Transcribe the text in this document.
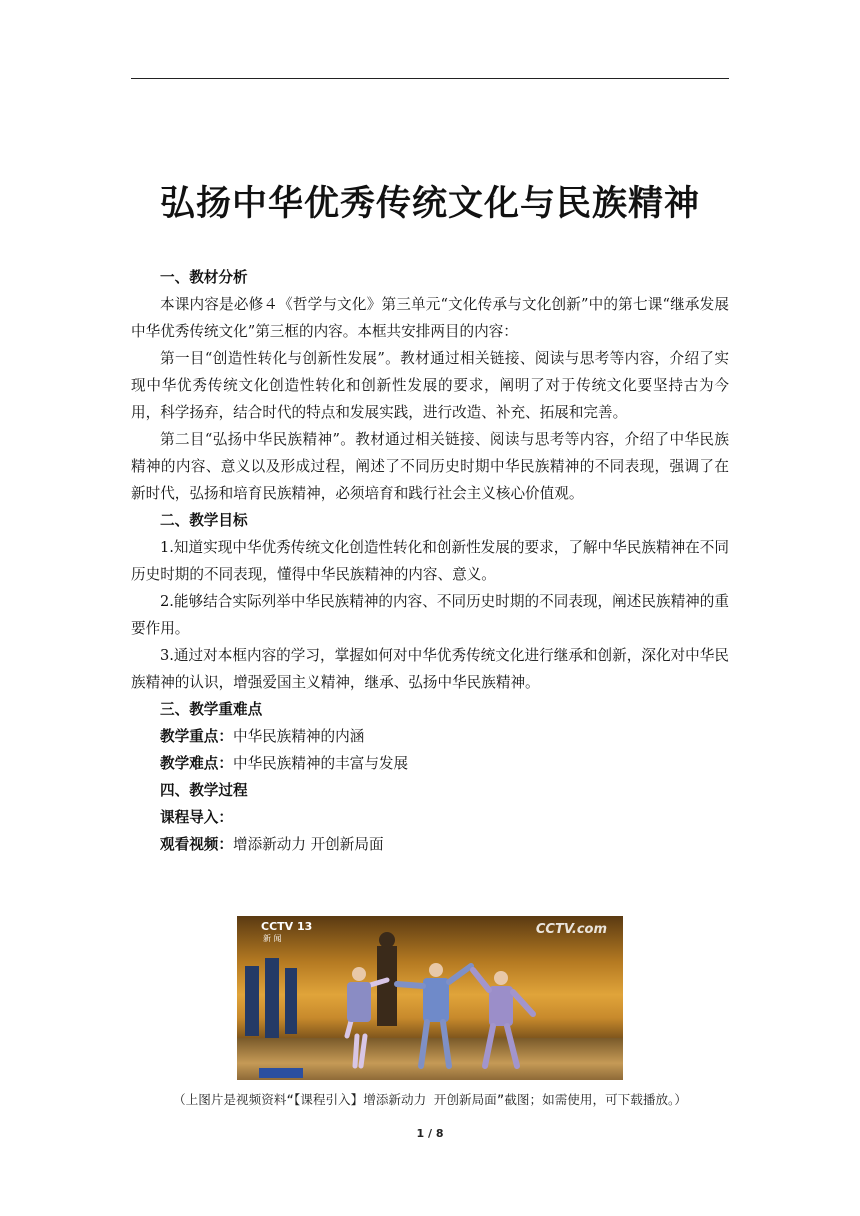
弘扬中华优秀传统文化与民族精神

一、教材分析

本课内容是必修４《哲学与文化》第三单元“文化传承与文化创新”中的第七课“继承发展中华优秀传统文化”第三框的内容。本框共安排两目的内容：

第一目“创造性转化与创新性发展”。教材通过相关链接、阅读与思考等内容，介绍了实现中华优秀传统文化创造性转化和创新性发展的要求，阐明了对于传统文化要坚持古为今用，科学扬弃，结合时代的特点和发展实践，进行改造、补充、拓展和完善。

第二目“弘扬中华民族精神”。教材通过相关链接、阅读与思考等内容，介绍了中华民族精神的内容、意义以及形成过程，阐述了不同历史时期中华民族精神的不同表现，强调了在新时代，弘扬和培育民族精神，必须培育和践行社会主义核心价值观。

二、教学目标

1.知道实现中华优秀传统文化创造性转化和创新性发展的要求，了解中华民族精神在不同历史时期的不同表现，懂得中华民族精神的内容、意义。

2.能够结合实际列举中华民族精神的内容、不同历史时期的不同表现，阐述民族精神的重要作用。

3.通过对本框内容的学习，掌握如何对中华优秀传统文化进行继承和创新，深化对中华民族精神的认识，增强爱国主义精神，继承、弘扬中华民族精神。

三、教学重难点

教学重点：中华民族精神的内涵

教学难点：中华民族精神的丰富与发展

四、教学过程

课程导入：

观看视频：增添新动力 开创新局面

CCTV 13
新 闻
CCTV.com
（上图片是视频资料“【课程引入】增添新动力 开创新局面”截图；如需使用，可下载播放。）
1 / 8
